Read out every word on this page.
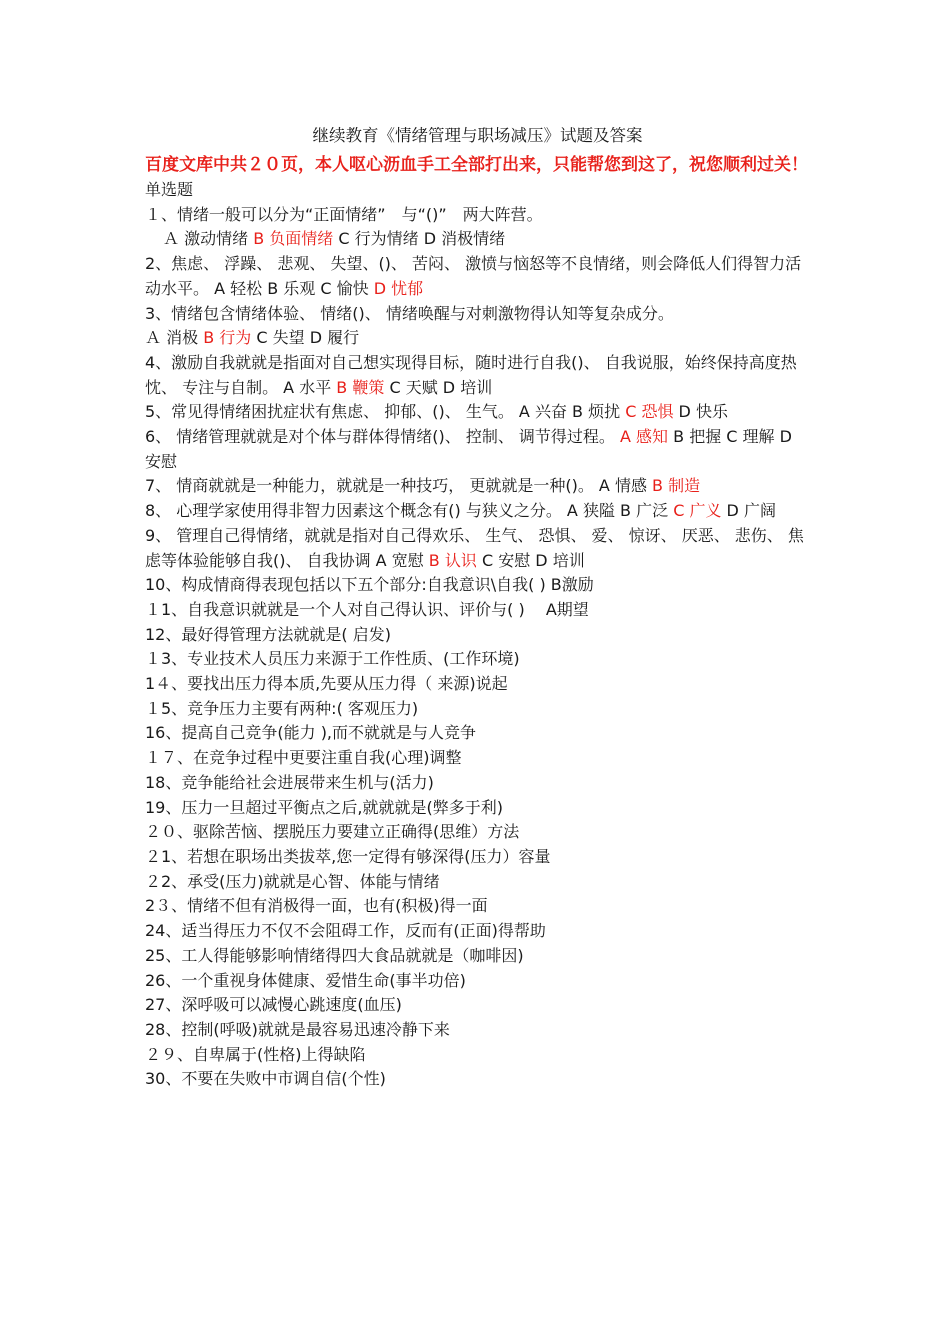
继续教育《情绪管理与职场减压》试题及答案
百度文库中共２０页，本人呕心沥血手工全部打出来，只能帮您到这了，祝您顺利过关！
单选题
１、情绪一般可以分为“正面情绪”　与“()”　两大阵营。
Ａ 激动情绪 B 负面情绪 C 行为情绪 D 消极情绪
2、焦虑、 浮躁、 悲观、 失望、()、 苦闷、 激愤与恼怒等不良情绪，则会降低人们得智力活动水平。 A 轻松 B 乐观 C 愉快 D 忧郁
3、情绪包含情绪体验、 情绪()、 情绪唤醒与对刺激物得认知等复杂成分。
Ａ 消极 B 行为 C 失望 D 履行
4、激励自我就就是指面对自己想实现得目标，随时进行自我()、 自我说服，始终保持高度热忱、 专注与自制。 A 水平 B 鞭策 C 天赋 D 培训
5、常见得情绪困扰症状有焦虑、 抑郁、()、 生气。 A 兴奋 B 烦扰 C 恐惧 D 快乐
6、 情绪管理就就是对个体与群体得情绪()、 控制、 调节得过程。 A 感知 B 把握 C 理解 D 安慰
7、 情商就就是一种能力，就就是一种技巧， 更就就是一种()。 A 情感 B 制造
8、 心理学家使用得非智力因素这个概念有() 与狭义之分。 A 狭隘 B 广泛 C 广义 D 广阔
9、 管理自己得情绪，就就是指对自己得欢乐、 生气、 恐惧、 爱、 惊讶、 厌恶、 悲伤、 焦虑等体验能够自我()、 自我协调 A 宽慰 B 认识 C 安慰 D 培训
10、构成情商得表现包括以下五个部分:自我意识\自我( ) B激励
１1、自我意识就就是一个人对自己得认识、评价与( )　 A期望
12、最好得管理方法就就是( 启发)
１3、专业技术人员压力来源于工作性质、(工作环境)
1４、要找出压力得本质,先要从压力得（ 来源)说起
１5、竞争压力主要有两种:( 客观压力)
16、提高自己竞争(能力 ),而不就就是与人竞争
１７、在竞争过程中更要注重自我(心理)调整
18、竞争能给社会进展带来生机与(活力)
19、压力一旦超过平衡点之后,就就就是(弊多于利)
２０、驱除苦恼、摆脱压力要建立正确得(思维）方法
２1、若想在职场出类拔萃,您一定得有够深得(压力）容量
２2、承受(压力)就就是心智、体能与情绪
2３、情绪不但有消极得一面，也有(积极)得一面
24、适当得压力不仅不会阻碍工作，反而有(正面)得帮助
25、工人得能够影响情绪得四大食品就就是（咖啡因)
26、一个重视身体健康、爱惜生命(事半功倍)
27、深呼吸可以减慢心跳速度(血压)
28、控制(呼吸)就就是最容易迅速冷静下来
２９、自卑属于(性格)上得缺陷
30、不要在失败中市调自信(个性)
